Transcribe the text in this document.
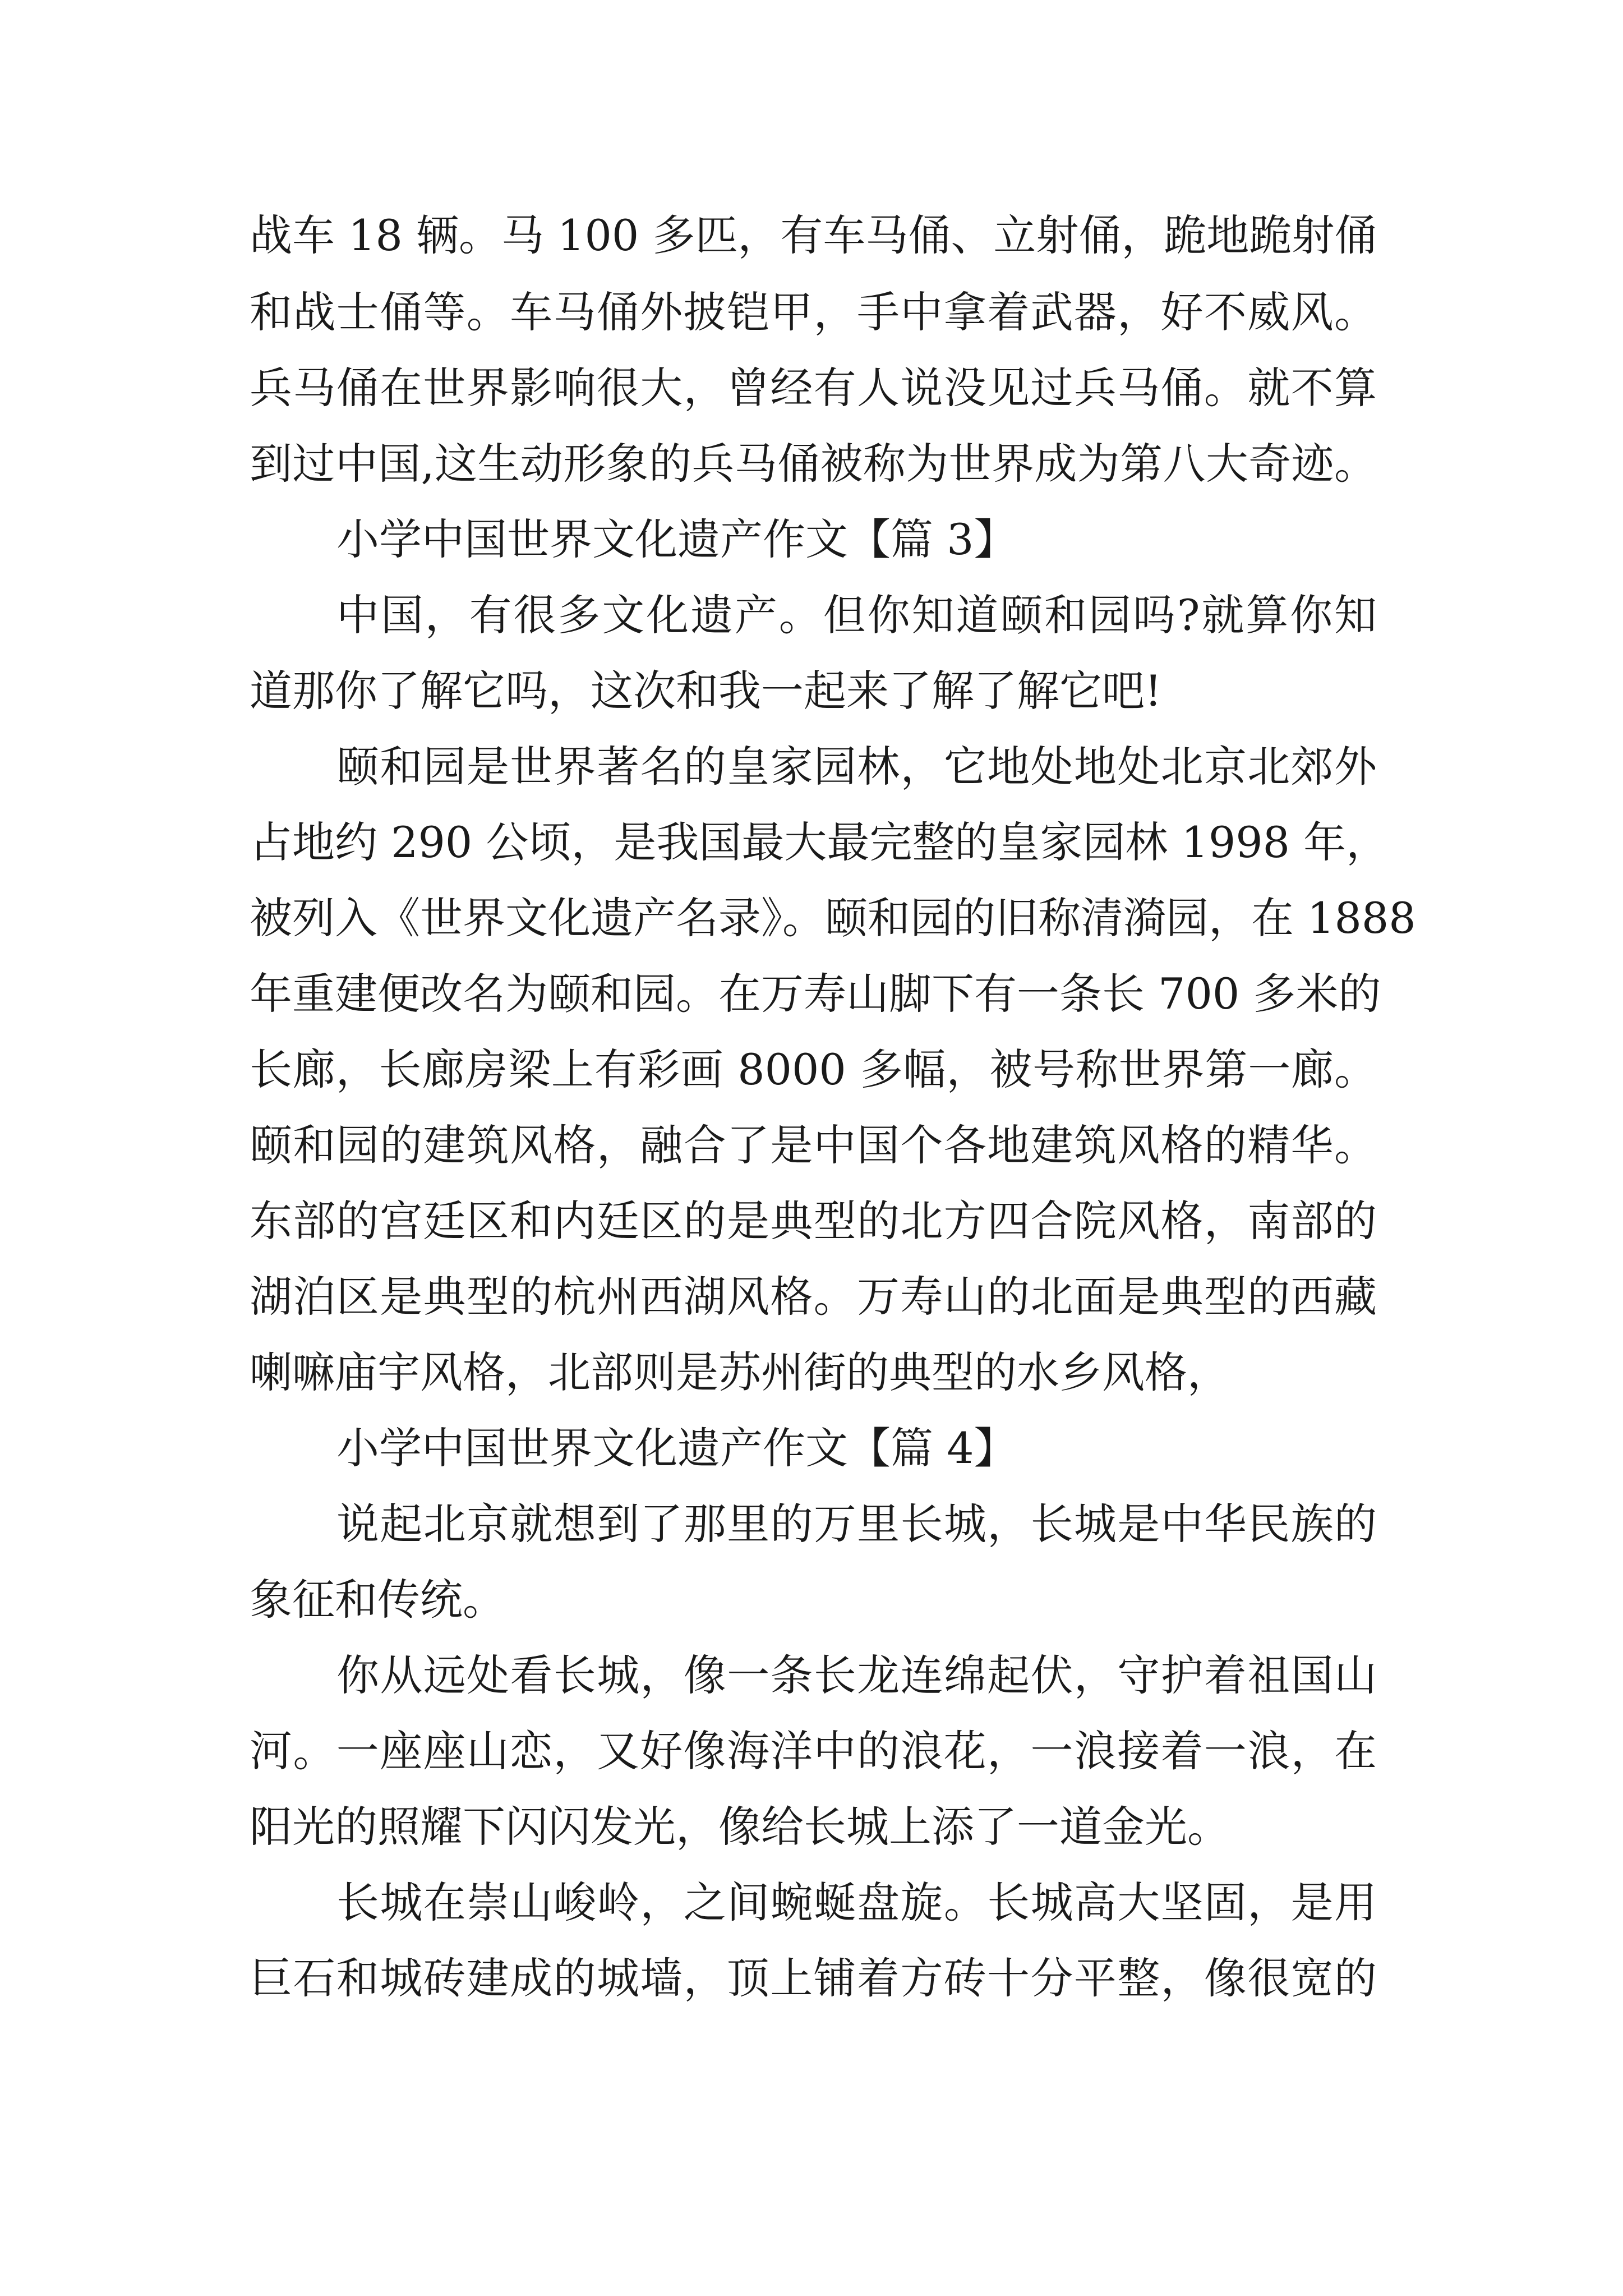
战车 18 辆。马 100 多匹，有车马俑、立射俑，跪地跪射俑
和战士俑等。车马俑外披铠甲，手中拿着武器，好不威风。
兵马俑在世界影响很大，曾经有人说没见过兵马俑。就不算
到过中国,这生动形象的兵马俑被称为世界成为第八大奇迹。
小学中国世界文化遗产作文【篇 3】
中国，有很多文化遗产。但你知道颐和园吗?就算你知
道那你了解它吗，这次和我一起来了解了解它吧!
颐和园是世界著名的皇家园林，它地处地处北京北郊外
占地约 290 公顷，是我国最大最完整的皇家园林 1998 年，
被列入《世界文化遗产名录》。颐和园的旧称清漪园，在 1888
年重建便改名为颐和园。在万寿山脚下有一条长 700 多米的
长廊，长廊房梁上有彩画 8000 多幅，被号称世界第一廊。
颐和园的建筑风格，融合了是中国个各地建筑风格的精华。
东部的宫廷区和内廷区的是典型的北方四合院风格，南部的
湖泊区是典型的杭州西湖风格。万寿山的北面是典型的西藏
喇嘛庙宇风格，北部则是苏州街的典型的水乡风格，
小学中国世界文化遗产作文【篇 4】
说起北京就想到了那里的万里长城，长城是中华民族的
象征和传统。
你从远处看长城，像一条长龙连绵起伏，守护着祖国山
河。一座座山恋，又好像海洋中的浪花，一浪接着一浪，在
阳光的照耀下闪闪发光，像给长城上添了一道金光。
长城在崇山峻岭，之间蜿蜒盘旋。长城高大坚固，是用
巨石和城砖建成的城墙，顶上铺着方砖十分平整，像很宽的
